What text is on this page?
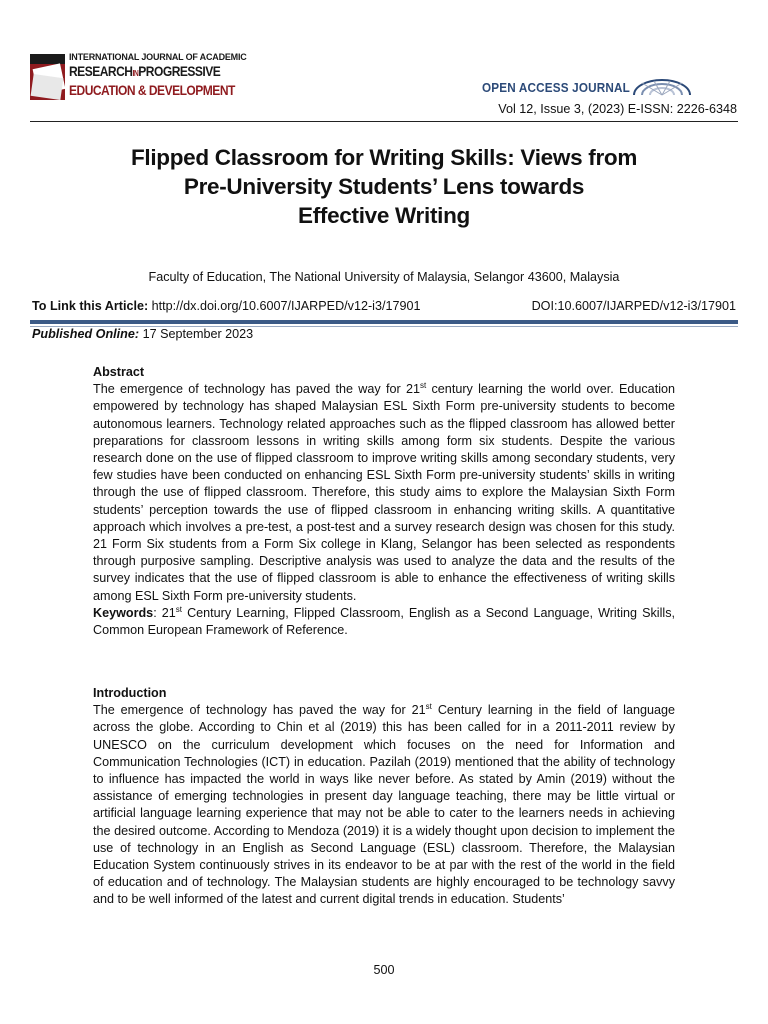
INTERNATIONAL JOURNAL OF ACADEMIC
RESEARCHINPROGRESSIVE
EDUCATION & DEVELOPMENT	OPEN ACCESS JOURNAL
Vol 12, Issue 3, (2023) E-ISSN: 2226-6348
Flipped Classroom for Writing Skills: Views from
Pre-University Students’ Lens towards
Effective Writing
Faculty of Education, The National University of Malaysia, Selangor 43600, Malaysia
To Link this Article: http://dx.doi.org/10.6007/IJARPED/v12-i3/17901	DOI:10.6007/IJARPED/v12-i3/17901
Published Online: 17 September 2023
Abstract

The emergence of technology has paved the way for 21st century learning the world over. Education empowered by technology has shaped Malaysian ESL Sixth Form pre-university students to become autonomous learners. Technology related approaches such as the flipped classroom has allowed better preparations for classroom lessons in writing skills among form six students. Despite the various research done on the use of flipped classroom to improve writing skills among secondary students, very few studies have been conducted on enhancing ESL Sixth Form pre-university students’ skills in writing through the use of flipped classroom. Therefore, this study aims to explore the Malaysian Sixth Form students’ perception towards the use of flipped classroom in enhancing writing skills. A quantitative approach which involves a pre-test, a post-test and a survey research design was chosen for this study. 21 Form Six students from a Form Six college in Klang, Selangor has been selected as respondents through purposive sampling. Descriptive analysis was used to analyze the data and the results of the survey indicates that the use of flipped classroom is able to enhance the effectiveness of writing skills among ESL Sixth Form pre-university students.

Keywords: 21st Century Learning, Flipped Classroom, English as a Second Language, Writing Skills, Common European Framework of Reference.

Introduction

The emergence of technology has paved the way for 21st Century learning in the field of language across the globe. According to Chin et al (2019) this has been called for in a 2011-2011 review by UNESCO on the curriculum development which focuses on the need for Information and Communication Technologies (ICT) in education. Pazilah (2019) mentioned that the ability of technology to influence has impacted the world in ways like never before. As stated by Amin (2019) without the assistance of emerging technologies in present day language teaching, there may be little virtual or artificial language learning experience that may not be able to cater to the learners needs in achieving the desired outcome. According to Mendoza (2019) it is a widely thought upon decision to implement the use of technology in an English as Second Language (ESL) classroom. Therefore, the Malaysian Education System continuously strives in its endeavor to be at par with the rest of the world in the field of education and of technology. The Malaysian students are highly encouraged to be technology savvy and to be well informed of the latest and current digital trends in education. Students’

500
